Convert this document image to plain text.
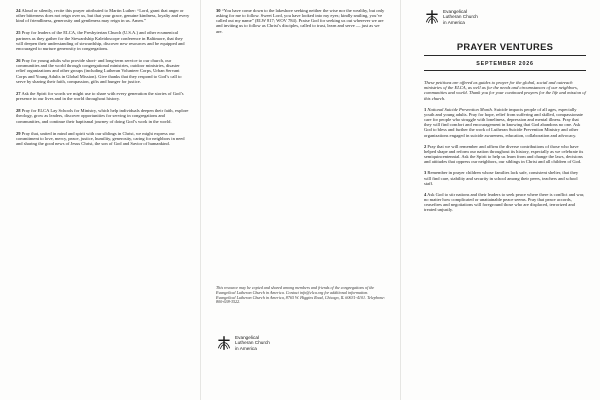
24 Aloud or silently, recite this prayer attributed to Martin Luther: “Lord, grant that anger or other bitterness does not reign over us, but that your grace, genuine kindness, loyalty and every kind of friendliness, generosity and gentleness may reign in us. Amen.”

25 Pray for leaders of the ELCA, the Presbyterian Church (U.S.A.) and other ecumenical partners as they gather for the Stewardship Kaleidoscope conference in Baltimore, that they will deepen their understanding of stewardship, discover new resources and be equipped and encouraged to nurture generosity in congregations.

26 Pray for young adults who provide short- and long-term service to our church, our communities and the world through congregational ministries, outdoor ministries, disaster relief organizations and other groups (including Lutheran Volunteer Corps, Urban Servant Corps and Young Adults in Global Mission). Give thanks that they respond to God’s call to serve by sharing their faith, compassion, gifts and hunger for justice.

27 Ask the Spirit for words we might use to share with every generation the stories of God’s presence in our lives and in the world throughout history.

28 Pray for ELCA Lay Schools for Ministry, which help individuals deepen their faith, explore theology, grow as leaders, discover opportunities for serving in congregations and communities, and continue their baptismal journey of doing God’s work in the world.

29 Pray that, united in mind and spirit with our siblings in Christ, we might express our commitment to love, mercy, peace, justice, humility, generosity, caring for neighbors in need and sharing the good news of Jesus Christ, the son of God and Savior of humankind.

30 “You have come down to the lakeshore seeking neither the wise nor the wealthy, but only asking for me to follow. Sweet Lord, you have looked into my eyes; kindly smiling, you’ve called out my name” (ELW 817; WOV 784). Praise God for seeking us out wherever we are and inviting us to follow as Christ’s disciples, called to trust, learn and serve — just as we are.

This resource may be copied and shared among members and friends of the congregations of the Evangelical Lutheran Church in America. Contact info@elca.org for additional information. Evangelical Lutheran Church in America, 8765 W. Higgins Road, Chicago, IL 60631-4101. Telephone: 800-638-3522.

Evangelical
Lutheran Church
in America
Evangelical
Lutheran Church
in America
PRAYER VENTURES
SEPTEMBER 2026

These petitions are offered as guides to prayer for the global, social and outreach ministries of the ELCA, as well as for the needs and circumstances of our neighbors, communities and world. Thank you for your continued prayers for the life and mission of this church.

1 National Suicide Prevention Month. Suicide impacts people of all ages, especially youth and young adults. Pray for hope, relief from suffering and skilled, compassionate care for people who struggle with loneliness, depression and mental illness. Pray that they will find comfort and encouragement in knowing that God abandons no one. Ask God to bless and further the work of Lutheran Suicide Prevention Ministry and other organizations engaged in suicide awareness, education, collaboration and advocacy.

2 Pray that we will remember and affirm the diverse contributions of those who have helped shape and reform our nation throughout its history, especially as we celebrate its semiquincentennial. Ask the Spirit to help us learn from and change the laws, decisions and attitudes that oppress our neighbors, our siblings in Christ and all children of God.

3 Remember in prayer children whose families lack safe, consistent shelter, that they will find care, stability and security in school among their peers, teachers and school staff.

4 Ask God to stir nations and their leaders to seek peace where there is conflict and war, no matter how complicated or unattainable peace seems. Pray that peace accords, ceasefires and negotiations will foreground those who are displaced, terrorized and treated unjustly.
